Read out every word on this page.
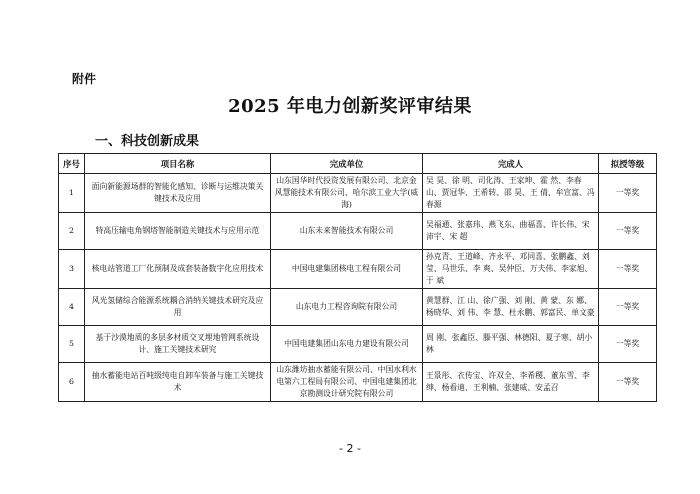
附件
2025 年电力创新奖评审结果
一、科技创新成果
序号	项目名称	完成单位	完成人	拟授等级
1	面向新能源场群的智能化感知、诊断与运维决策关键技术及应用	山东国华时代投资发展有限公司、北京金风慧能技术有限公司、哈尔滨工业大学(威海)	吴 昊、徐 明、司化涛、王家坤、霍 然、李春山、贾冠华、王希转、邵 昊、王 倩、牟宣富、冯春源	一等奖
2	特高压输电角钢塔智能制造关键技术与应用示范	山东未来智能技术有限公司	吴福通、张嘉玮、燕飞东、曲福喜、许长伟、宋沛宇、宋 超	一等奖
3	核电站管道工厂化预制及成套装备数字化应用技术	中国电建集团核电工程有限公司	孙克青、王道峰、齐永平、邓同喜、张鹏鑫、刘 莹、马世乐、李 爽、吴仲臣、万夫伟、李家旭、于 斌	一等奖
4	风光氢储综合能源系统耦合消纳关键技术研究及应用	山东电力工程咨询院有限公司	黄慧群、江 山、徐广强、刘 刚、黄 蒙、东 娜、杨晓华、刘 伟、李 慧、杜永鹏、郭富民、单文豪	一等奖
5	基于沙漠地质的多层多材质交叉埋地管网系统设计、施工关键技术研究	中国电建集团山东电力建设有限公司	周 刚、张鑫臣、滕平强、林德阳、夏子寒、胡小林	一等奖
6	抽水蓄能电站百吨级纯电自卸车装备与施工关键技术	山东潍坊抽水蓄能有限公司、中国水利水电第六工程局有限公司、中国电建集团北京勘测设计研究院有限公司	王景彤、衣传宝、许双全、李希稷、董东雪、李 绅、杨看迪、王利楠、张建威、安孟召	一等奖
- 2 -
